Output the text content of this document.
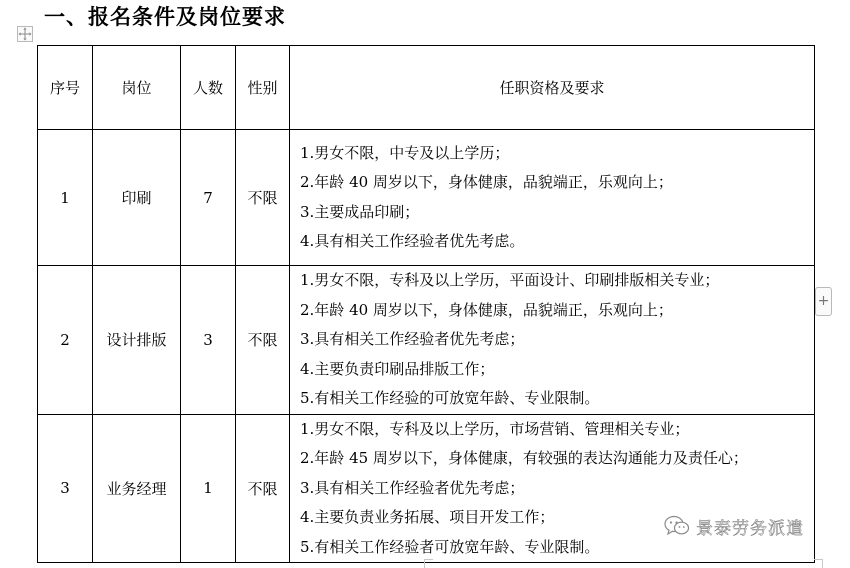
一、报名条件及岗位要求
序号	岗位	人数	性别	任职资格及要求
1	印刷	7	不限	1.男女不限，中专及以上学历；
2.年龄 40 周岁以下，身体健康，品貌端正，乐观向上；
3.主要成品印刷；
4.具有相关工作经验者优先考虑。

2	设计排版	3	不限	1.男女不限，专科及以上学历，平面设计、印刷排版相关专业；
2.年龄 40 周岁以下，身体健康，品貌端正，乐观向上；
3.具有相关工作经验者优先考虑；
4.主要负责印刷品排版工作；
5.有相关工作经验的可放宽年龄、专业限制。

3	业务经理	1	不限	1.男女不限，专科及以上学历，市场营销、管理相关专业；
2.年龄 45 周岁以下，身体健康，有较强的表达沟通能力及责任心；
3.具有相关工作经验者优先考虑；
4.主要负责业务拓展、项目开发工作；
5.有相关工作经验者可放宽年龄、专业限制。
+
景泰劳务派遣
